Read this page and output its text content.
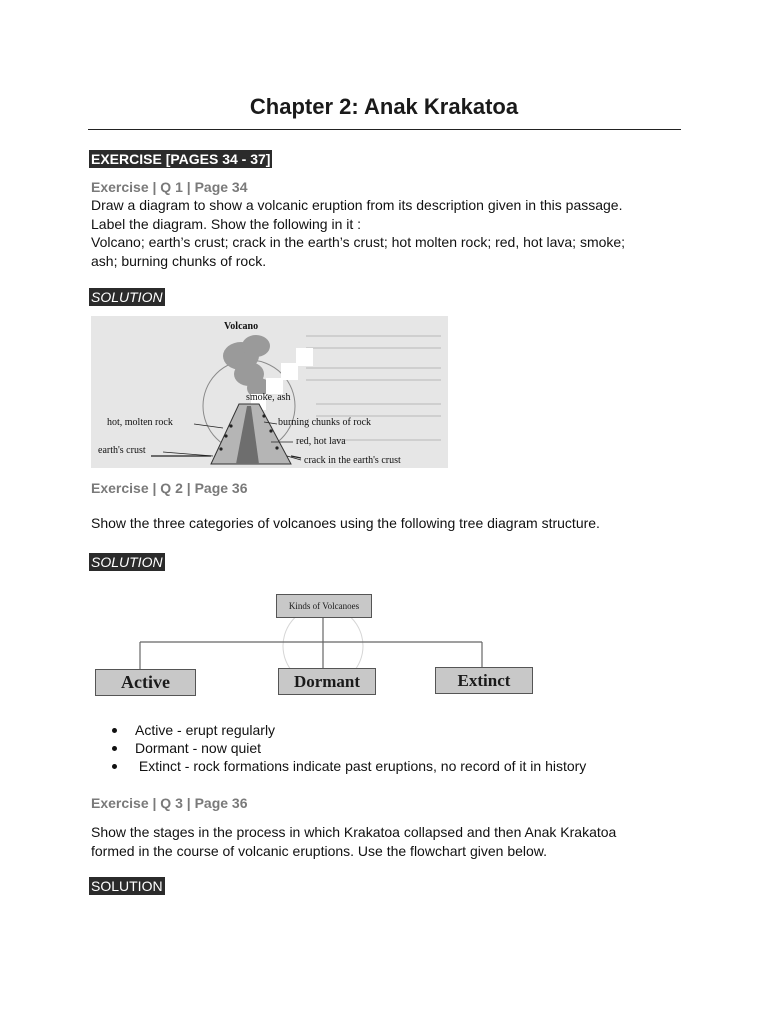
Chapter 2: Anak Krakatoa
EXERCISE [PAGES 34 - 37]
Exercise | Q 1 | Page 34
Draw a diagram to show a volcanic eruption from its description given in this passage.
Label the diagram. Show the following in it :
Volcano; earth’s crust; crack in the earth’s crust; hot molten rock; red, hot lava; smoke;
ash; burning chunks of rock.
SOLUTION
Volcano
smoke, ash
hot, molten rock	burning chunks of rock
red, hot lava
earth's crust
crack in the earth's crust
Exercise | Q 2 | Page 36
Show the three categories of volcanoes using the following tree diagram structure.
SOLUTION
Kinds of Volcanoes
Active	Dormant	Extinct
Active - erupt regularly
Dormant - now quiet
Extinct - rock formations indicate past eruptions, no record of it in history
Exercise | Q 3 | Page 36
Show the stages in the process in which Krakatoa collapsed and then Anak Krakatoa
formed in the course of volcanic eruptions. Use the flowchart given below.
SOLUTION
